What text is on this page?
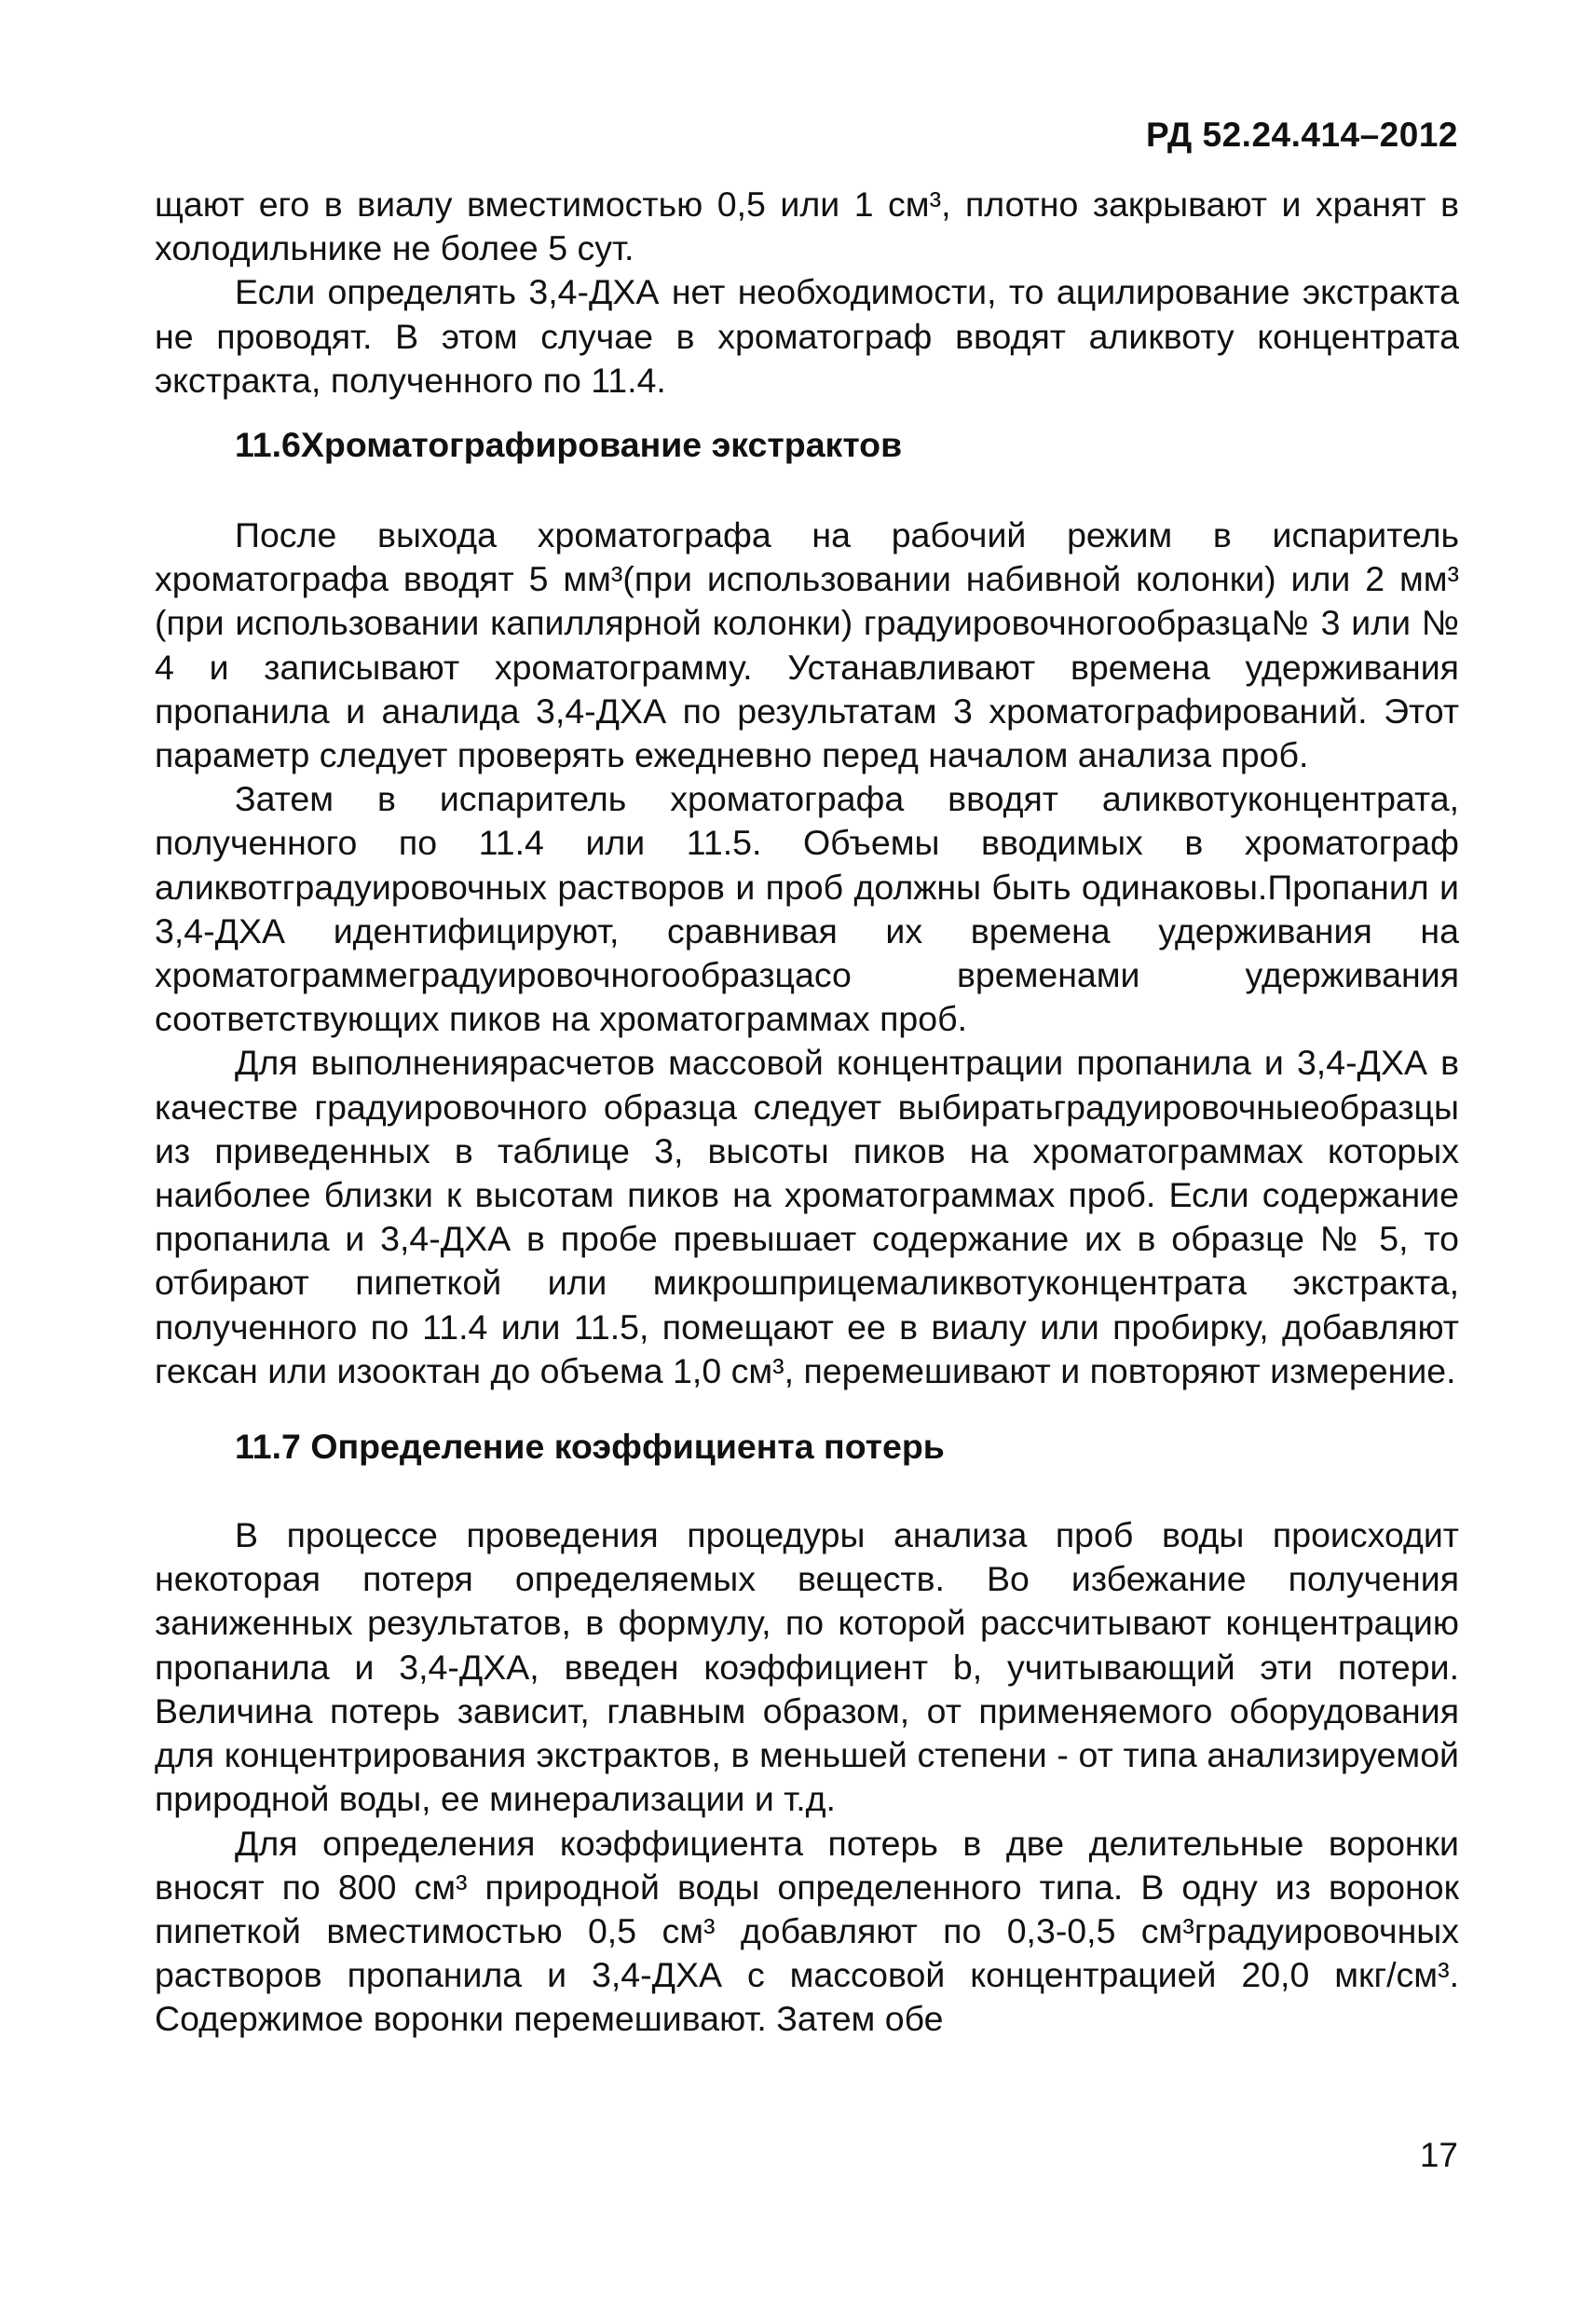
РД 52.24.414–2012

щают его в виалу вместимостью 0,5 или 1 см³, плотно закрывают и хранят в холодильнике не более 5 сут.

Если определять 3,4-ДХА нет необходимости, то ацилирование экстракта не проводят. В этом случае в хроматограф вводят аликвоту концентрата экстракта, полученного по 11.4.

11.6Хроматографирование экстрактов

После выхода хроматографа на рабочий режим в испаритель хроматографа вводят 5 мм³(при использовании набивной колонки) или 2 мм³ (при использовании капиллярной колонки) градуировочногообразца№ 3 или № 4 и записывают хроматограмму. Устанавливают времена удерживания пропанила и аналида 3,4-ДХА по результатам 3 хроматографирований. Этот параметр следует проверять ежедневно перед началом анализа проб.

Затем в испаритель хроматографа вводят аликвотуконцентрата, полученного по 11.4 или 11.5. Объемы вводимых в хроматограф аликвотградуировочных растворов и проб должны быть одинаковы.Пропанил и 3,4-ДХА идентифицируют, сравнивая их времена удерживания на хроматограммеградуировочногообразцасо временами удерживания соответствующих пиков на хроматограммах проб.

Для выполнениярасчетов массовой концентрации пропанила и 3,4-ДХА в качестве градуировочного образца следует выбиратьградуировочныеобразцы из приведенных в таблице 3, высоты пиков на хроматограммах которых наиболее близки к высотам пиков на хроматограммах проб. Если содержание пропанила и 3,4-ДХА в пробе превышает содержание их в образце № 5, то отбирают пипеткой или микрошприцемаликвотуконцентрата экстракта, полученного по 11.4 или 11.5, помещают ее в виалу или пробирку, добавляют гексан или изооктан до объема 1,0 см³, перемешивают и повторяют измерение.

11.7 Определение коэффициента потерь

В процессе проведения процедуры анализа проб воды происходит некоторая потеря определяемых веществ. Во избежание получения заниженных результатов, в формулу, по которой рассчитывают концентрацию пропанила и 3,4-ДХА, введен коэффициент b, учитывающий эти потери. Величина потерь зависит, главным образом, от применяемого оборудования для концентрирования экстрактов, в меньшей степени - от типа анализируемой природной воды, ее минерализации и т.д.

Для определения коэффициента потерь в две делительные воронки вносят по 800 см³ природной воды определенного типа. В одну из воронок пипеткой вместимостью 0,5 см³ добавляют по 0,3-0,5 см³градуировочных растворов пропанила и 3,4-ДХА с массовой концентрацией 20,0 мкг/см³. Содержимое воронки перемешивают. Затем обе

17
